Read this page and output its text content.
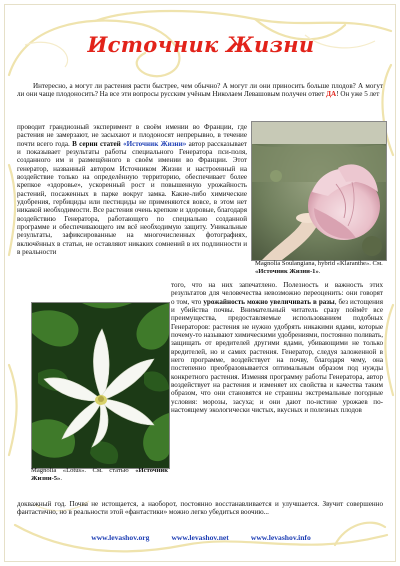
Источник Жизни

Интересно, а могут ли растения расти быстрее, чем обычно? А могут ли они приносить больше плодов? А могут ли они чаще плодоносить? На все эти вопросы русским учёным Николаем Левашовым получен ответ ДА! Он уже 5 лет

проводит грандиозный эксперимент в своём имении во Франции, где растения не замерзают, не засыхают и плодоносят непрерывно, в течение почти всего года. В серии статей «Источник Жизни» автор рассказывает и показывает результаты работы специального Генератора пси-поля, созданного им и размещённого в своём имении во Франции. Этот генератор, названный автором Источником Жизни и настроенный на воздействие только на определённую территорию, обеспечивает более крепкое «здоровье», ускоренный рост и повышенную урожайность растений, посаженных в парке вокруг замка. Какие-либо химические удобрения, гербициды или пестициды не применяются вовсе, в этом нет никакой необходимости. Все растения очень крепкие и здоровые, благодаря воздействию Генератора, работающего по специально созданной программе и обеспечивающего им всё необходимую защиту. Уникальные результаты, зафиксированные на многочисленных фотографиях, включённых в статьи, не оставляют никаких сомнений в их подлинности и в реальности

Magnolia Soulangiana, hybrid «Klaranthe». См. «Источник Жизни-1».

Magnolia «Lotus». См. статью «Источник Жизни-5».

того, что на них запечатлено. Полезность и важность этих результатов для человечества невозможно переоценить: они говорят о том, что урожайность можно увеличивать в разы, без истощения и убийства почвы. Внимательный читатель сразу поймёт все преимущества, предоставляемые использованием подобных Генераторов: растения не нужно удобрять никакими ядами, которые почему-то называют химическими удобрениями, постоянно поливать, защищать от вредителей другими ядами, убивающими не только вредителей, но и самих растения. Генератор, следуя заложенной в него программе, воздействует на почву, благодаря чему, она постепенно преобразовывается оптимальным образом под нужды конкретного растения. Изменяя программу работы Генератора, автор воздействует на растения и изменяет их свойства и качества таким образом, что они становятся не страшны экстремальные погодные условия: морозы, засуха; и они дают по-истине урожаев по-настоящему экологически чистых, вкусных и полезных плодов

докважный год. Почва не истощается, а наоборот, постоянно восстанавливается и улучшается. Звучит совершенно фантастично, но в реальности этой «фантастики» можно легко убедиться воочию...

www.levashov.org	www.levashov.net	www.levashov.info
